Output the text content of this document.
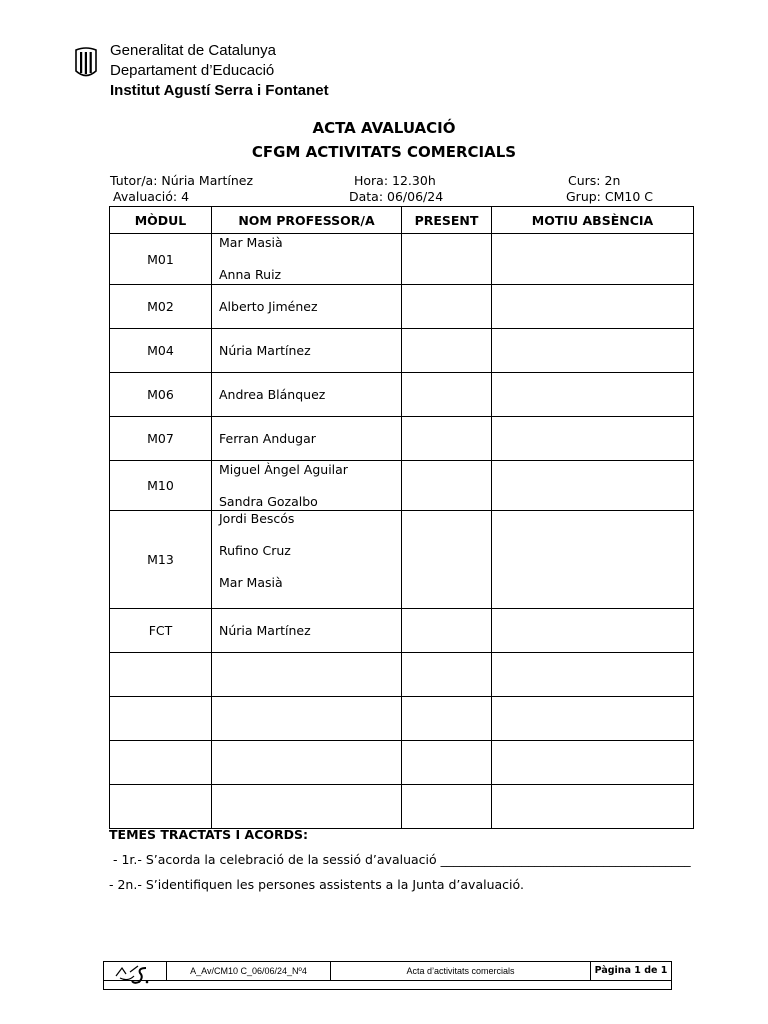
Generalitat de Catalunya
Departament d’Educació
Institut Agustí Serra i Fontanet
ACTA AVALUACIÓ
CFGM ACTIVITATS COMERCIALS
Tutor/a: Núria Martínez	Hora: 12.30h	Curs: 2n
Avaluació: 4	Data: 06/06/24	Grup: CM10 C
MÒDUL	NOM PROFESSOR/A	PRESENT	MOTIU ABSÈNCIA
M01	Mar Masià
Anna Ruiz		

M02	Alberto Jiménez		

M04	Núria Martínez		

M06	Andrea Blánquez		

M07	Ferran Andugar		

M10	Miguel Àngel Aguilar
Sandra Gozalbo		

M13	Jordi Bescós
Rufino Cruz
Mar Masià		

FCT	Núria Martínez		

TEMES TRACTATS I ACORDS:
- 1r.- S’acorda la celebració de la sessió d’avaluació ________________________________________
- 2n.- S’identifiquen les persones assistents a la Junta d’avaluació.
A_Av/CM10 C_06/06/24_Nº4	Acta d’activitats comercials	Pàgina 1 de 1
